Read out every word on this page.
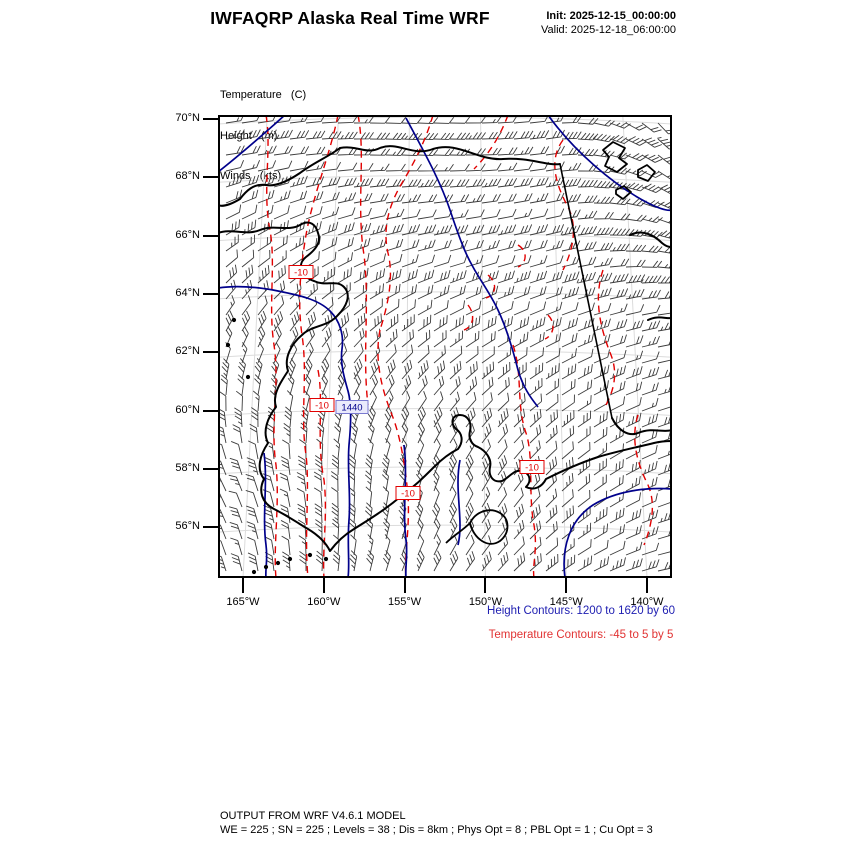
IWFAQRP Alaska Real Time WRF	Init: 2025-12-15_00:00:00
Valid: 2025-12-18_06:00:00

Temperature   (C)

Height   (m)

Winds   (kts)

-10
-10
-10
-10
1440
70°N
68°N
66°N
64°N
62°N
60°N
58°N
56°N
165°W	160°W	155°W	150°W	145°W	140°W
Height Contours: 1200 to 1620 by 60
Temperature Contours: -45 to 5 by 5
OUTPUT FROM WRF V4.6.1 MODEL
WE = 225 ; SN = 225 ; Levels = 38 ; Dis = 8km ; Phys Opt = 8 ; PBL Opt = 1 ; Cu Opt = 3
